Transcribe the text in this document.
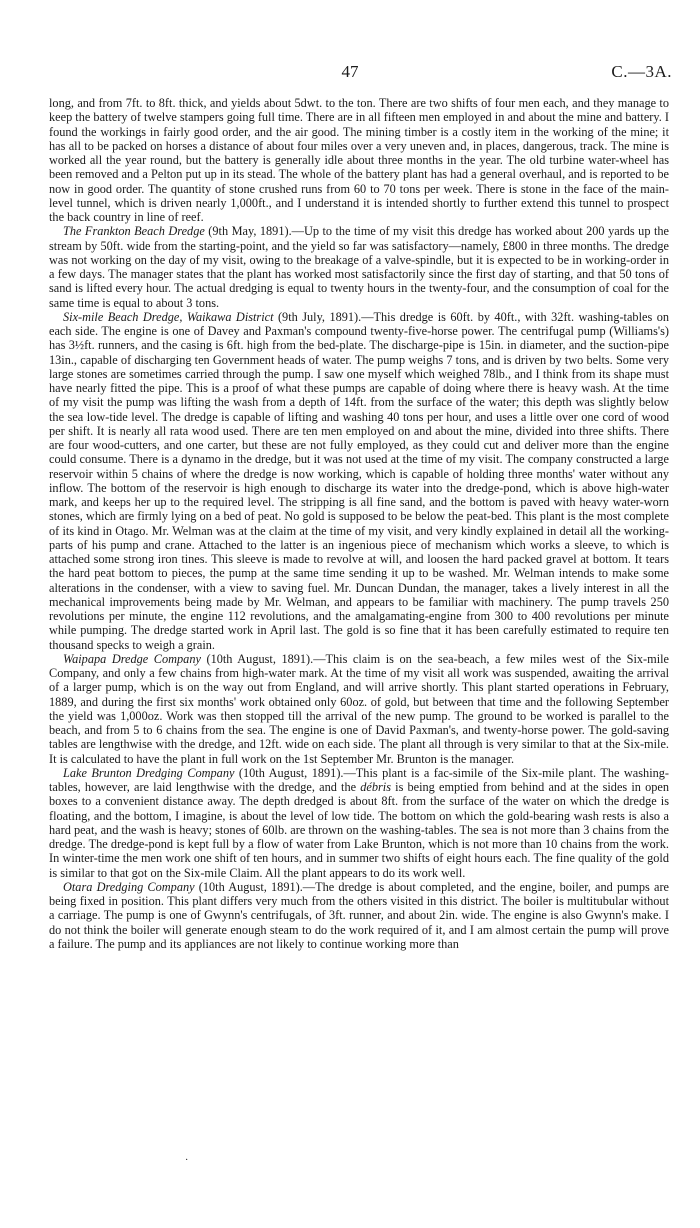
47	C.—3A.

long, and from 7ft. to 8ft. thick, and yields about 5dwt. to the ton. There are two shifts of four men each, and they manage to keep the battery of twelve stampers going full time. There are in all fifteen men employed in and about the mine and battery. I found the workings in fairly good order, and the air good. The mining timber is a costly item in the working of the mine; it has all to be packed on horses a distance of about four miles over a very uneven and, in places, dangerous, track. The mine is worked all the year round, but the battery is generally idle about three months in the year. The old turbine water-wheel has been removed and a Pelton put up in its stead. The whole of the battery plant has had a general overhaul, and is reported to be now in good order. The quantity of stone crushed runs from 60 to 70 tons per week. There is stone in the face of the main-level tunnel, which is driven nearly 1,000ft., and I understand it is intended shortly to further extend this tunnel to prospect the back country in line of reef.

The Frankton Beach Dredge (9th May, 1891).—Up to the time of my visit this dredge has worked about 200 yards up the stream by 50ft. wide from the starting-point, and the yield so far was satisfactory—namely, £800 in three months. The dredge was not working on the day of my visit, owing to the breakage of a valve-spindle, but it is expected to be in working-order in a few days. The manager states that the plant has worked most satisfactorily since the first day of starting, and that 50 tons of sand is lifted every hour. The actual dredging is equal to twenty hours in the twenty-four, and the consumption of coal for the same time is equal to about 3 tons.

Six-mile Beach Dredge, Waikawa District (9th July, 1891).—This dredge is 60ft. by 40ft., with 32ft. washing-tables on each side. The engine is one of Davey and Paxman's compound twenty-five-horse power. The centrifugal pump (Williams's) has 3½ft. runners, and the casing is 6ft. high from the bed-plate. The discharge-pipe is 15in. in diameter, and the suction-pipe 13in., capable of discharging ten Government heads of water. The pump weighs 7 tons, and is driven by two belts. Some very large stones are sometimes carried through the pump. I saw one myself which weighed 78lb., and I think from its shape must have nearly fitted the pipe. This is a proof of what these pumps are capable of doing where there is heavy wash. At the time of my visit the pump was lifting the wash from a depth of 14ft. from the surface of the water; this depth was slightly below the sea low-tide level. The dredge is capable of lifting and washing 40 tons per hour, and uses a little over one cord of wood per shift. It is nearly all rata wood used. There are ten men employed on and about the mine, divided into three shifts. There are four wood-cutters, and one carter, but these are not fully employed, as they could cut and deliver more than the engine could consume. There is a dynamo in the dredge, but it was not used at the time of my visit. The company constructed a large reservoir within 5 chains of where the dredge is now working, which is capable of holding three months' water without any inflow. The bottom of the reservoir is high enough to discharge its water into the dredge-pond, which is above high-water mark, and keeps her up to the required level. The stripping is all fine sand, and the bottom is paved with heavy water-worn stones, which are firmly lying on a bed of peat. No gold is supposed to be below the peat-bed. This plant is the most complete of its kind in Otago. Mr. Welman was at the claim at the time of my visit, and very kindly explained in detail all the working-parts of his pump and crane. Attached to the latter is an ingenious piece of mechanism which works a sleeve, to which is attached some strong iron tines. This sleeve is made to revolve at will, and loosen the hard packed gravel at bottom. It tears the hard peat bottom to pieces, the pump at the same time sending it up to be washed. Mr. Welman intends to make some alterations in the condenser, with a view to saving fuel. Mr. Duncan Dundan, the manager, takes a lively interest in all the mechanical improvements being made by Mr. Welman, and appears to be familiar with machinery. The pump travels 250 revolutions per minute, the engine 112 revolutions, and the amalgamating-engine from 300 to 400 revolutions per minute while pumping. The dredge started work in April last. The gold is so fine that it has been carefully estimated to require ten thousand specks to weigh a grain.

Waipapa Dredge Company (10th August, 1891).—This claim is on the sea-beach, a few miles west of the Six-mile Company, and only a few chains from high-water mark. At the time of my visit all work was suspended, awaiting the arrival of a larger pump, which is on the way out from England, and will arrive shortly. This plant started operations in February, 1889, and during the first six months' work obtained only 60oz. of gold, but between that time and the following September the yield was 1,000oz. Work was then stopped till the arrival of the new pump. The ground to be worked is parallel to the beach, and from 5 to 6 chains from the sea. The engine is one of David Paxman's, and twenty-horse power. The gold-saving tables are lengthwise with the dredge, and 12ft. wide on each side. The plant all through is very similar to that at the Six-mile. It is calculated to have the plant in full work on the 1st September Mr. Brunton is the manager.

Lake Brunton Dredging Company (10th August, 1891).—This plant is a fac-simile of the Six-mile plant. The washing-tables, however, are laid lengthwise with the dredge, and the débris is being emptied from behind and at the sides in open boxes to a convenient distance away. The depth dredged is about 8ft. from the surface of the water on which the dredge is floating, and the bottom, I imagine, is about the level of low tide. The bottom on which the gold-bearing wash rests is also a hard peat, and the wash is heavy; stones of 60lb. are thrown on the washing-tables. The sea is not more than 3 chains from the dredge. The dredge-pond is kept full by a flow of water from Lake Brunton, which is not more than 10 chains from the work. In winter-time the men work one shift of ten hours, and in summer two shifts of eight hours each. The fine quality of the gold is similar to that got on the Six-mile Claim. All the plant appears to do its work well.

Otara Dredging Company (10th August, 1891).—The dredge is about completed, and the engine, boiler, and pumps are being fixed in position. This plant differs very much from the others visited in this district. The boiler is multitubular without a carriage. The pump is one of Gwynn's centrifugals, of 3ft. runner, and about 2in. wide. The engine is also Gwynn's make. I do not think the boiler will generate enough steam to do the work required of it, and I am almost certain the pump will prove a failure. The pump and its appliances are not likely to continue working more than

·
